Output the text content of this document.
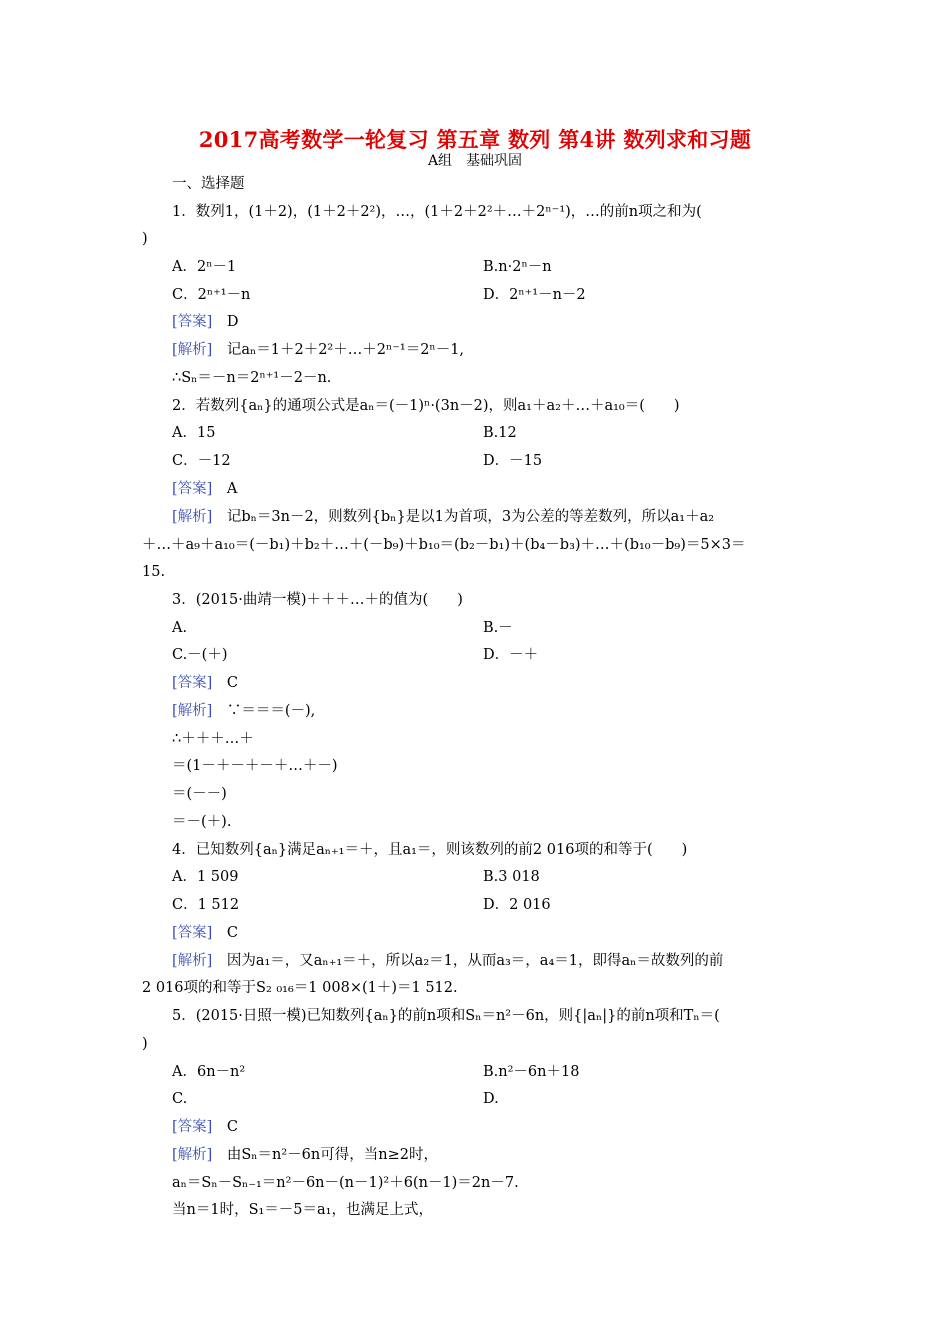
2017高考数学一轮复习 第五章 数列 第4讲 数列求和习题
A组　基础巩固
一、选择题
1．数列1，(1＋2)，(1＋2＋2²)，…，(1＋2＋2²＋…＋2ⁿ⁻¹)，…的前n项之和为(
)
A．2ⁿ－1	B.n·2ⁿ－n
C．2ⁿ⁺¹－n	D．2ⁿ⁺¹－n－2
[答案]　 D
[解析]　 记aₙ＝1＋2＋2²＋…＋2ⁿ⁻¹＝2ⁿ－1,
∴Sₙ＝－n＝2ⁿ⁺¹－2－n.
2．若数列{aₙ}的通项公式是aₙ＝(－1)ⁿ·(3n－2)，则a₁＋a₂＋…＋a₁₀＝(　　)
A．15	B.12
C．－12	D．－15
[答案]　 A
[解析]　 记bₙ＝3n－2，则数列{bₙ}是以1为首项，3为公差的等差数列，所以a₁＋a₂
＋…＋a₉＋a₁₀＝(－b₁)＋b₂＋…＋(－b₉)＋b₁₀＝(b₂－b₁)＋(b₄－b₃)＋…＋(b₁₀－b₉)＝5×3＝
15.
3．(2015·曲靖一模)＋＋＋…＋的值为(　　)
A.	B.－
C.－(＋)	D．－＋
[答案]　 C
[解析]　 ∵＝＝＝(－),
∴＋＋＋…＋
＝(1－＋－＋－＋…＋－)
＝(－－)
＝－(＋).
4．已知数列{aₙ}满足aₙ₊₁＝＋，且a₁＝，则该数列的前2 016项的和等于(　　)
A．1 509	B.3 018
C．1 512	D．2 016
[答案]　 C
[解析]　 因为a₁＝，又aₙ₊₁＝＋，所以a₂＝1，从而a₃＝，a₄＝1，即得aₙ＝故数列的前
2 016项的和等于S₂ ₀₁₆＝1 008×(1＋)＝1 512.
5．(2015·日照一模)已知数列{aₙ}的前n项和Sₙ＝n²－6n，则{|aₙ|}的前n项和Tₙ＝(
)
A．6n－n²	B.n²－6n＋18
C.	D.
[答案]　 C
[解析]　 由Sₙ＝n²－6n可得，当n≥2时，
aₙ＝Sₙ－Sₙ₋₁＝n²－6n－(n－1)²＋6(n－1)＝2n－7.
当n＝1时，S₁＝－5＝a₁，也满足上式，
